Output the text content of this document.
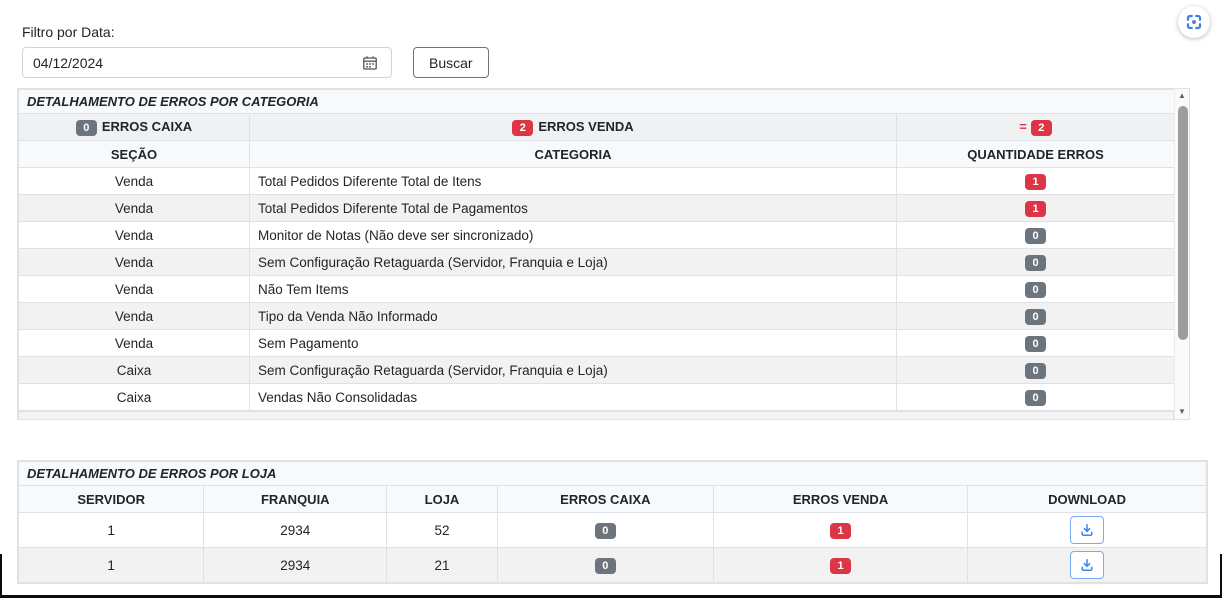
Filtro por Data:
04/12/2024
Buscar
DETALHAMENTO DE ERROS POR CATEGORIA		
0 ERROS CAIXA	2 ERROS VENDA	= 2
SEÇÃO	CATEGORIA	QUANTIDADE ERROS
Venda	Total Pedidos Diferente Total de Itens	1
Venda	Total Pedidos Diferente Total de Pagamentos	1
Venda	Monitor de Notas (Não deve ser sincronizado)	0
Venda	Sem Configuração Retaguarda (Servidor, Franquia e Loja)	0
Venda	Não Tem Items	0
Venda	Tipo da Venda Não Informado	0
Venda	Sem Pagamento	0
Caixa	Sem Configuração Retaguarda (Servidor, Franquia e Loja)	0
Caixa	Vendas Não Consolidadas	0
▲
▼
DETALHAMENTO DE ERROS POR LOJA					
SERVIDOR	FRANQUIA	LOJA	ERROS CAIXA	ERROS VENDA	DOWNLOAD
1	2934	52	0	1	

1	2934	21	0	1	
